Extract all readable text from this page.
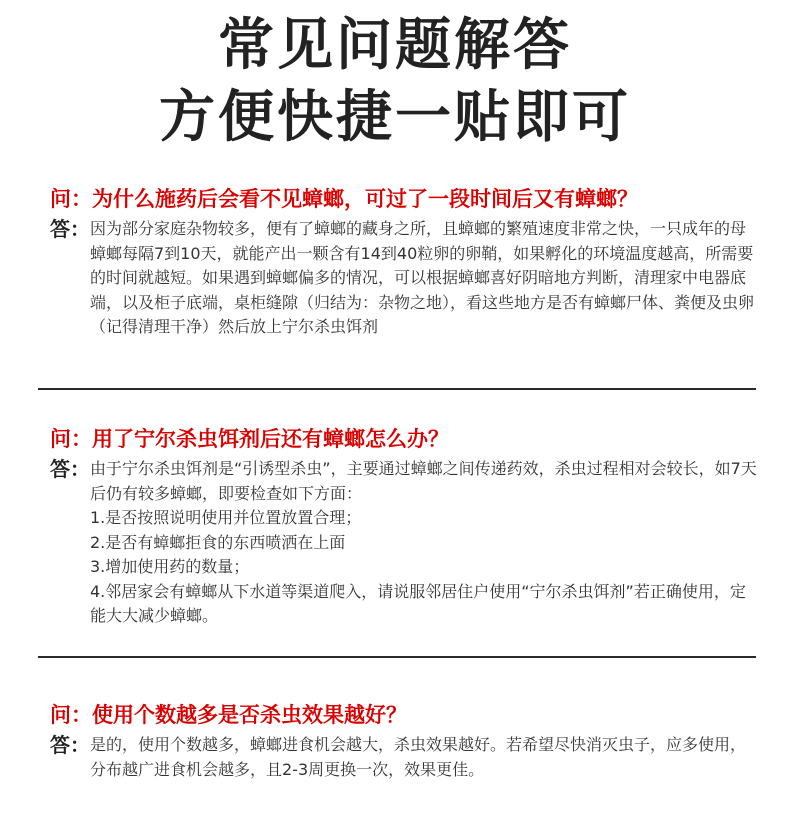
常见问题解答
方便快捷一贴即可
问：为什么施药后会看不见蟑螂，可过了一段时间后又有蟑螂？
答： 因为部分家庭杂物较多，便有了蟑螂的藏身之所，且蟑螂的繁殖速度非常之快，一只成年的母蟑螂每隔7到10天，就能产出一颗含有14到40粒卵的卵鞘，如果孵化的环境温度越高，所需要的时间就越短。如果遇到蟑螂偏多的情况，可以根据蟑螂喜好阴暗地方判断，清理家中电器底端，以及柜子底端，桌柜缝隙（归结为：杂物之地），看这些地方是否有蟑螂尸体、粪便及虫卵（记得清理干净）然后放上宁尔杀虫饵剂
问：用了宁尔杀虫饵剂后还有蟑螂怎么办？
答： 由于宁尔杀虫饵剂是“引诱型杀虫”，主要通过蟑螂之间传递药效，杀虫过程相对会较长，如7天后仍有较多蟑螂，即要检查如下方面：

1.是否按照说明使用并位置放置合理；

2.是否有蟑螂拒食的东西喷洒在上面

3.增加使用药的数量；

4.邻居家会有蟑螂从下水道等渠道爬入，请说服邻居住户使用“宁尔杀虫饵剂”若正确使用，定能大大减少蟑螂。

问：使用个数越多是否杀虫效果越好？
答： 是的，使用个数越多，蟑螂进食机会越大，杀虫效果越好。若希望尽快消灭虫子，应多使用，分布越广进食机会越多，且2-3周更换一次，效果更佳。
